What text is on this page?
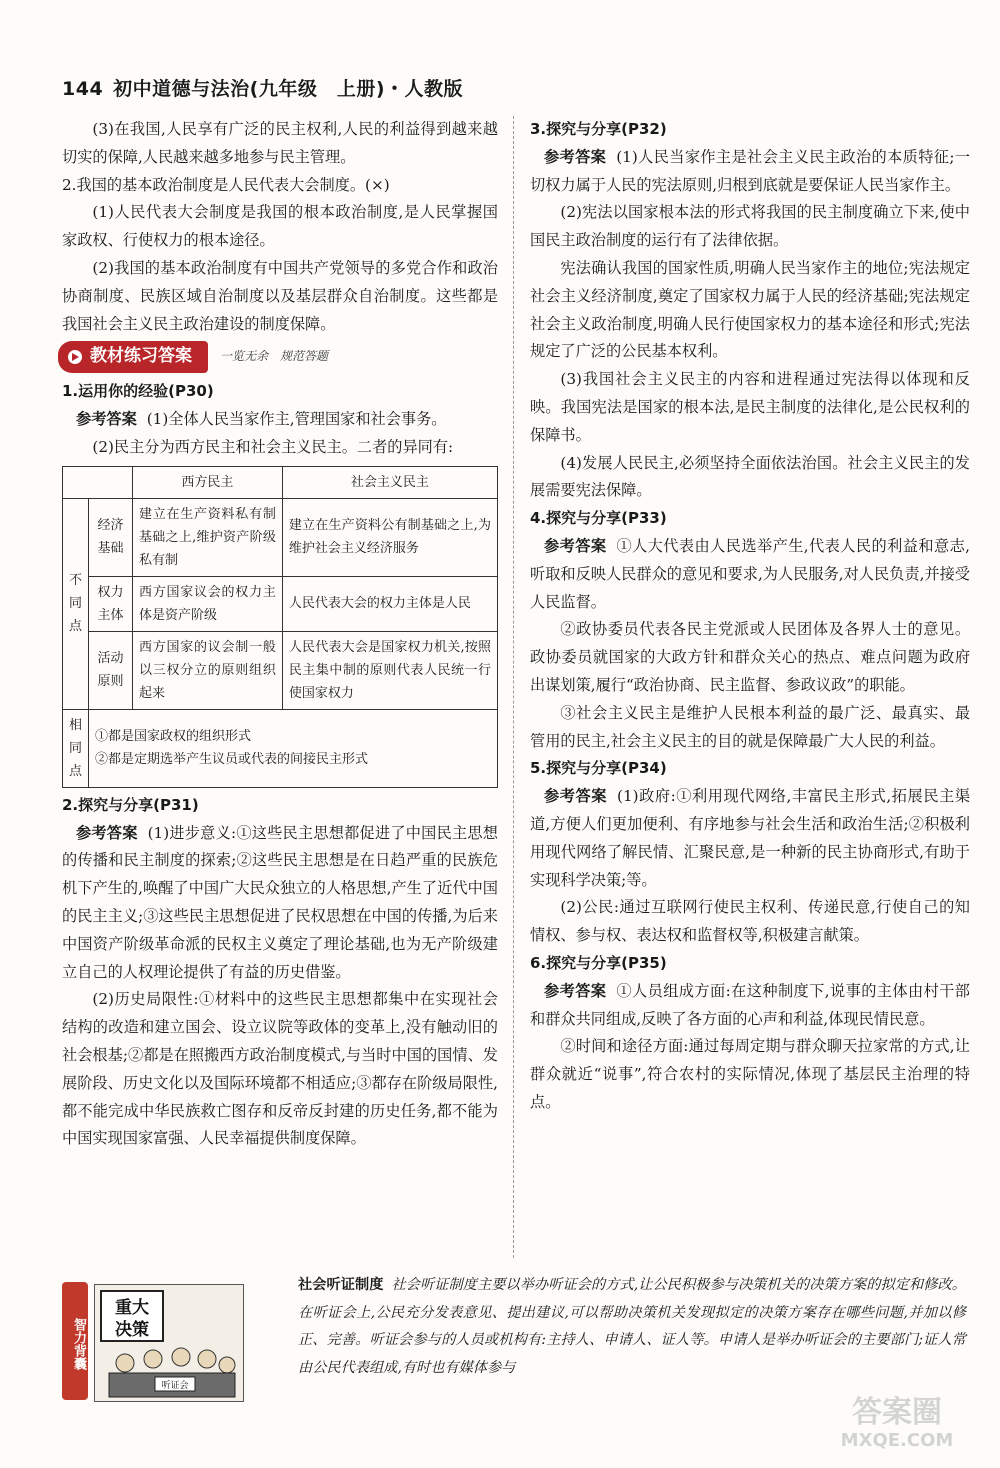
144 初中道德与法治(九年级　上册)・人教版

(3)在我国,人民享有广泛的民主权利,人民的利益得到越来越切实的保障,人民越来越多地参与民主管理。

2.我国的基本政治制度是人民代表大会制度。(×)

(1)人民代表大会制度是我国的根本政治制度,是人民掌握国家政权、行使权力的根本途径。

(2)我国的基本政治制度有中国共产党领导的多党合作和政治协商制度、民族区域自治制度以及基层群众自治制度。这些都是我国社会主义民主政治建设的制度保障。

教材练习答案 一览无余　规范答题

1.运用你的经验(P30)

参考答案 (1)全体人民当家作主,管理国家和社会事务。

(2)民主分为西方民主和社会主义民主。二者的异同有:

		西方民主	社会主义民主
不同点	经济基础	建立在生产资料私有制基础之上,维护资产阶级私有制	建立在生产资料公有制基础之上,为维护社会主义经济服务
	权力主体	西方国家议会的权力主体是资产阶级	人民代表大会的权力主体是人民
	活动原则	西方国家的议会制一般以三权分立的原则组织起来	人民代表大会是国家权力机关,按照民主集中制的原则代表人民统一行使国家权力
相同点	①都是国家政权的组织形式
②都是定期选举产生议员或代表的间接民主形式		

2.探究与分享(P31)

参考答案 (1)进步意义:①这些民主思想都促进了中国民主思想的传播和民主制度的探索;②这些民主思想是在日趋严重的民族危机下产生的,唤醒了中国广大民众独立的人格思想,产生了近代中国的民主主义;③这些民主思想促进了民权思想在中国的传播,为后来中国资产阶级革命派的民权主义奠定了理论基础,也为无产阶级建立自己的人权理论提供了有益的历史借鉴。

(2)历史局限性:①材料中的这些民主思想都集中在实现社会结构的改造和建立国会、设立议院等政体的变革上,没有触动旧的社会根基;②都是在照搬西方政治制度模式,与当时中国的国情、发展阶段、历史文化以及国际环境都不相适应;③都存在阶级局限性,都不能完成中华民族救亡图存和反帝反封建的历史任务,都不能为中国实现国家富强、人民幸福提供制度保障。

3.探究与分享(P32)

参考答案 (1)人民当家作主是社会主义民主政治的本质特征;一切权力属于人民的宪法原则,归根到底就是要保证人民当家作主。

(2)宪法以国家根本法的形式将我国的民主制度确立下来,使中国民主政治制度的运行有了法律依据。

宪法确认我国的国家性质,明确人民当家作主的地位;宪法规定社会主义经济制度,奠定了国家权力属于人民的经济基础;宪法规定社会主义政治制度,明确人民行使国家权力的基本途径和形式;宪法规定了广泛的公民基本权利。

(3)我国社会主义民主的内容和进程通过宪法得以体现和反映。我国宪法是国家的根本法,是民主制度的法律化,是公民权利的保障书。

(4)发展人民民主,必须坚持全面依法治国。社会主义民主的发展需要宪法保障。

4.探究与分享(P33)

参考答案 ①人大代表由人民选举产生,代表人民的利益和意志,听取和反映人民群众的意见和要求,为人民服务,对人民负责,并接受人民监督。

②政协委员代表各民主党派或人民团体及各界人士的意见。政协委员就国家的大政方针和群众关心的热点、难点问题为政府出谋划策,履行“政治协商、民主监督、参政议政”的职能。

③社会主义民主是维护人民根本利益的最广泛、最真实、最管用的民主,社会主义民主的目的就是保障最广大人民的利益。

5.探究与分享(P34)

参考答案 (1)政府:①利用现代网络,丰富民主形式,拓展民主渠道,方便人们更加便利、有序地参与社会生活和政治生活;②积极利用现代网络了解民情、汇聚民意,是一种新的民主协商形式,有助于实现科学决策;等。

(2)公民:通过互联网行使民主权利、传递民意,行使自己的知情权、参与权、表达权和监督权等,积极建言献策。

6.探究与分享(P35)

参考答案 ①人员组成方面:在这种制度下,说事的主体由村干部和群众共同组成,反映了各方面的心声和利益,体现民情民意。

②时间和途径方面:通过每周定期与群众聊天拉家常的方式,让群众就近“说事”,符合农村的实际情况,体现了基层民主治理的特点。

智力背囊
重大
决策
听证会
社会听证制度 社会听证制度主要以举办听证会的方式,让公民积极参与决策机关的决策方案的拟定和修改。在听证会上,公民充分发表意见、提出建议,可以帮助决策机关发现拟定的决策方案存在哪些问题,并加以修正、完善。听证会参与的人员或机构有:主持人、申请人、证人等。申请人是举办听证会的主要部门;证人常由公民代表组成,有时也有媒体参与
答案圈
MXQE.COM
